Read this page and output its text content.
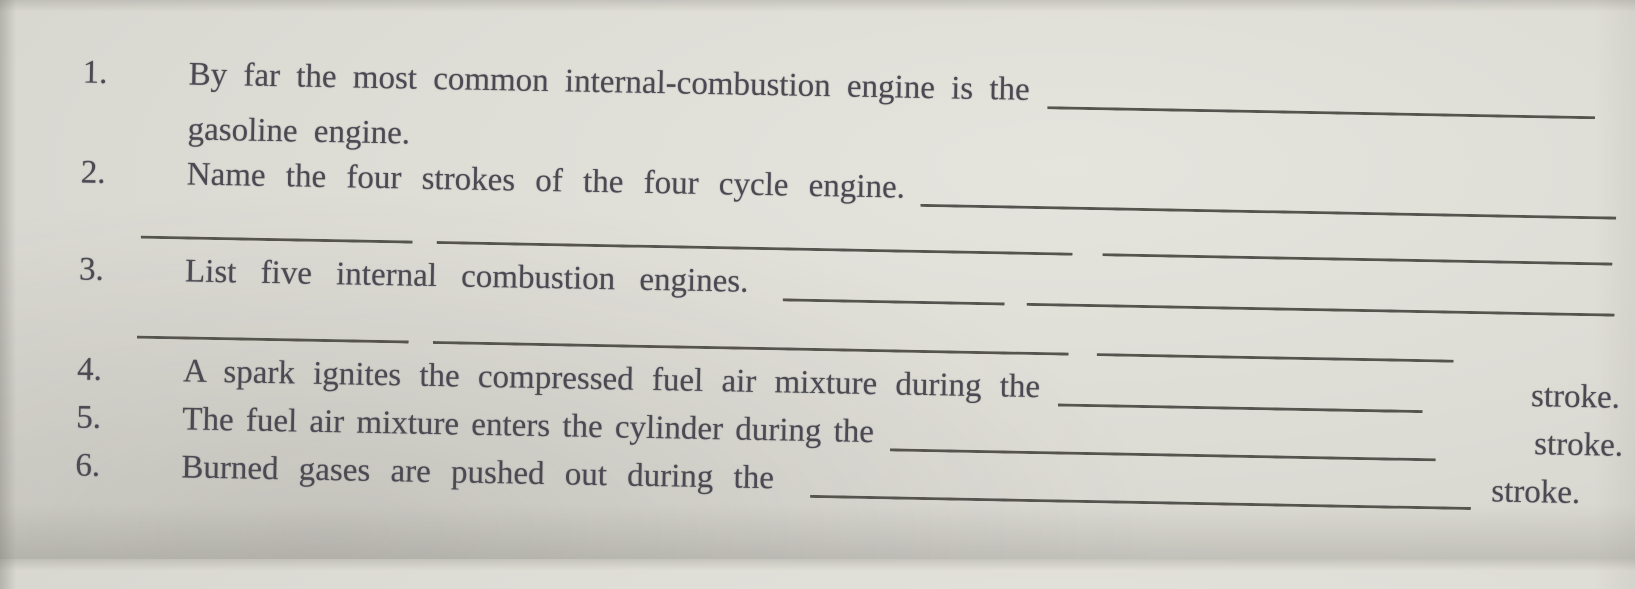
1.	By far the most common internal-combustion engine is the
gasoline engine.
2.	Name the four strokes of the four cycle engine.
3.	List five internal combustion engines.
4.	A spark ignites the compressed fuel air mixture during the	stroke.
5.	The fuel air mixture enters the cylinder during the	stroke.
6.	Burned gases are pushed out during the	stroke.
